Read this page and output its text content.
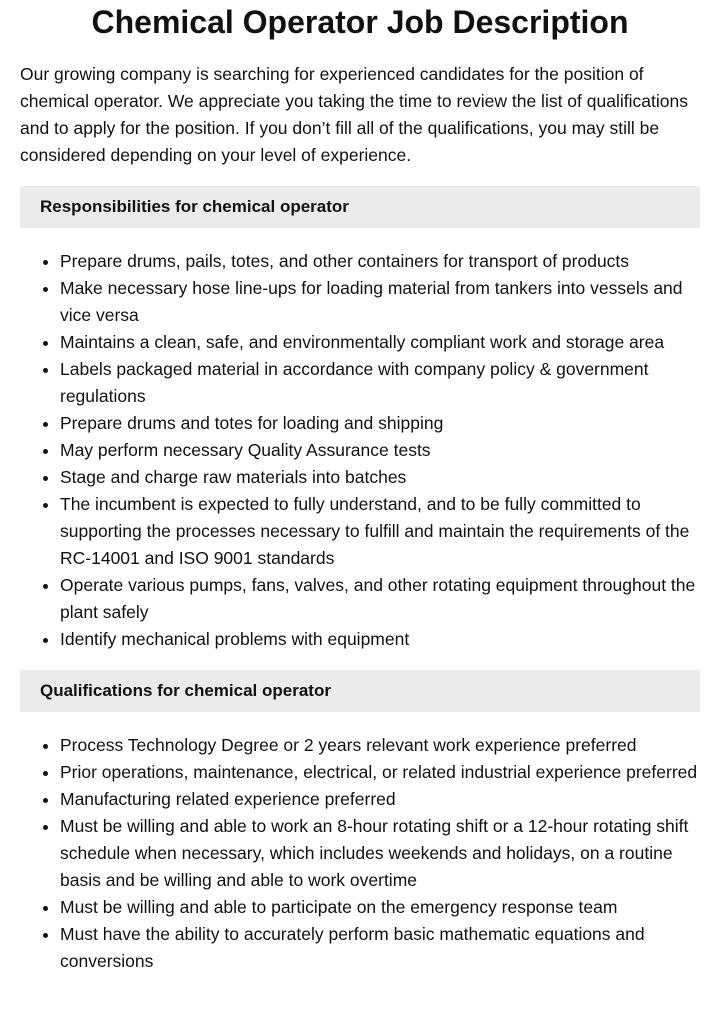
Chemical Operator Job Description

Our growing company is searching for experienced candidates for the position of chemical operator. We appreciate you taking the time to review the list of qualifications and to apply for the position. If you don’t fill all of the qualifications, you may still be considered depending on your level of experience.

Responsibilities for chemical operator
• Prepare drums, pails, totes, and other containers for transport of products
• Make necessary hose line-ups for loading material from tankers into vessels and vice versa
• Maintains a clean, safe, and environmentally compliant work and storage area
• Labels packaged material in accordance with company policy & government regulations
• Prepare drums and totes for loading and shipping
• May perform necessary Quality Assurance tests
• Stage and charge raw materials into batches
• The incumbent is expected to fully understand, and to be fully committed to supporting the processes necessary to fulfill and maintain the requirements of the RC-14001 and ISO 9001 standards
• Operate various pumps, fans, valves, and other rotating equipment throughout the plant safely
• Identify mechanical problems with equipment
Qualifications for chemical operator
• Process Technology Degree or 2 years relevant work experience preferred
• Prior operations, maintenance, electrical, or related industrial experience preferred
• Manufacturing related experience preferred
• Must be willing and able to work an 8-hour rotating shift or a 12-hour rotating shift schedule when necessary, which includes weekends and holidays, on a routine basis and be willing and able to work overtime
• Must be willing and able to participate on the emergency response team
• Must have the ability to accurately perform basic mathematic equations and conversions
